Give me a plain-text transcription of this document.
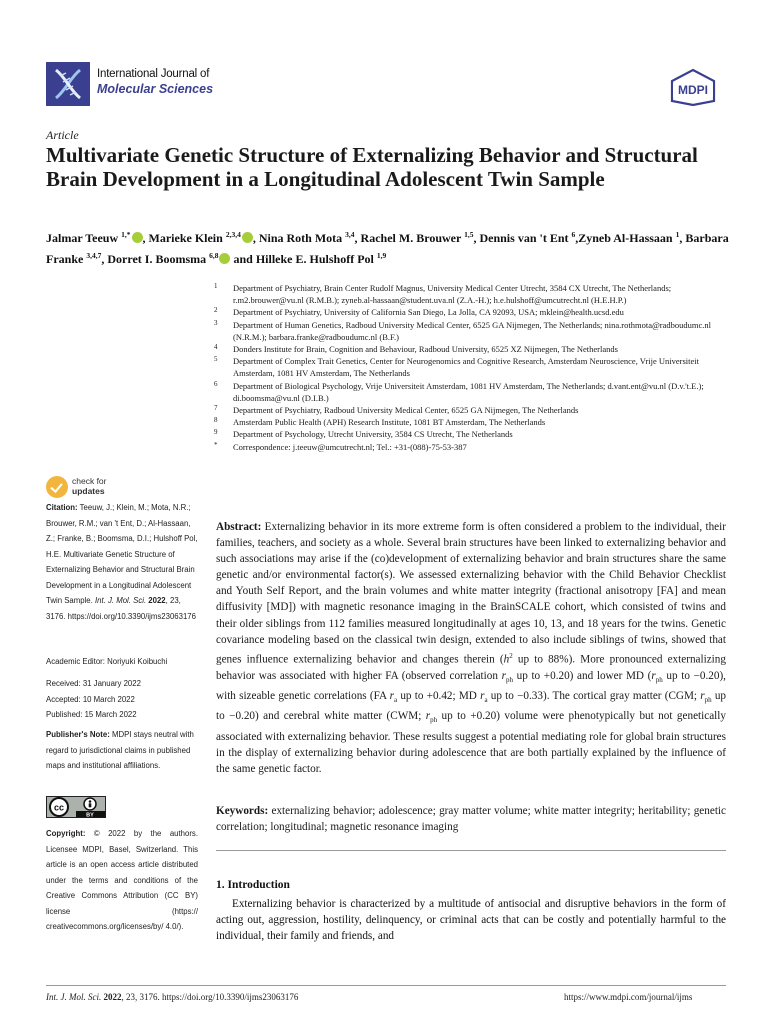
International Journal of
Molecular Sciences	MDPI
Article
Multivariate Genetic Structure of Externalizing Behavior and Structural Brain Development in a Longitudinal Adolescent Twin Sample
Jalmar Teeuw $^{1,*}$ , Marieke Klein $^{2,3,4}$ , Nina Roth Mota $^{3,4}$, Rachel M. Brouwer $^{1,5}$, Dennis van 't Ent $^6$,Zyneb Al-Hassaan $^1$, Barbara Franke $^{3,4,7}$, Dorret I. Boomsma $^{6,8}$ and Hilleke E. Hulshoff Pol $^{1,9}$
1 Department of Psychiatry, Brain Center Rudolf Magnus, University Medical Center Utrecht, 3584 CX Utrecht, The Netherlands; r.m2.brouwer@vu.nl (R.M.B.); zyneb.al-hassaan@student.uva.nl (Z.A.-H.); h.e.hulshoff@umcutrecht.nl (H.E.H.P.)
2 Department of Psychiatry, University of California San Diego, La Jolla, CA 92093, USA; mklein@health.ucsd.edu
3 Department of Human Genetics, Radboud University Medical Center, 6525 GA Nijmegen, The Netherlands; nina.rothmota@radboudumc.nl (N.R.M.); barbara.franke@radboudumc.nl (B.F.)
4 Donders Institute for Brain, Cognition and Behaviour, Radboud University, 6525 XZ Nijmegen, The Netherlands
5 Department of Complex Trait Genetics, Center for Neurogenomics and Cognitive Research, Amsterdam Neuroscience, Vrije Universiteit Amsterdam, 1081 HV Amsterdam, The Netherlands
6 Department of Biological Psychology, Vrije Universiteit Amsterdam, 1081 HV Amsterdam, The Netherlands; d.vant.ent@vu.nl (D.v.'t.E.); di.boomsma@vu.nl (D.I.B.)
7 Department of Psychiatry, Radboud University Medical Center, 6525 GA Nijmegen, The Netherlands
8 Amsterdam Public Health (APH) Research Institute, 1081 BT Amsterdam, The Netherlands
9 Department of Psychology, Utrecht University, 3584 CS Utrecht, The Netherlands
* Correspondence: j.teeuw@umcutrecht.nl; Tel.: +31-(088)-75-53-387
check for
updates
Citation: Teeuw, J.; Klein, M.; Mota, N.R.; Brouwer, R.M.; van 't Ent, D.; Al-Hassaan, Z.; Franke, B.; Boomsma, D.I.; Hulshoff Pol, H.E. Multivariate Genetic Structure of Externalizing Behavior and Structural Brain Development in a Longitudinal Adolescent Twin Sample. Int. J. Mol. Sci. 2022, 23, 3176. https://doi.org/10.3390/ijms23063176
Academic Editor: Noriyuki Koibuchi
Received: 31 January 2022
Accepted: 10 March 2022
Published: 15 March 2022
Publisher's Note: MDPI stays neutral with regard to jurisdictional claims in published maps and institutional affiliations.
cc
BY
Copyright: © 2022 by the authors. Licensee MDPI, Basel, Switzerland. This article is an open access article distributed under the terms and conditions of the Creative Commons Attribution (CC BY) license (https:// creativecommons.org/licenses/by/ 4.0/).
Abstract: Externalizing behavior in its more extreme form is often considered a problem to the individual, their families, teachers, and society as a whole. Several brain structures have been linked to externalizing behavior and such associations may arise if the (co)development of externalizing behavior and brain structures share the same genetic and/or environmental factor(s). We assessed externalizing behavior with the Child Behavior Checklist and Youth Self Report, and the brain volumes and white matter integrity (fractional anisotropy [FA] and mean diffusivity [MD]) with magnetic resonance imaging in the BrainSCALE cohort, which consisted of twins and their older siblings from 112 families measured longitudinally at ages 10, 13, and 18 years for the twins. Genetic covariance modeling based on the classical twin design, extended to also include siblings of twins, showed that genes influence externalizing behavior and changes therein ($h^2$ up to 88%). More pronounced externalizing behavior was associated with higher FA (observed correlation $r_{ph}$ up to +0.20) and lower MD ($r_{ph}$ up to −0.20), with sizeable genetic correlations (FA $r_a$ up to +0.42; MD $r_a$ up to −0.33). The cortical gray matter (CGM; $r_{ph}$ up to −0.20) and cerebral white matter (CWM; $r_{ph}$ up to +0.20) volume were phenotypically but not genetically associated with externalizing behavior. These results suggest a potential mediating role for global brain structures in the display of externalizing behavior during adolescence that are both partially explained by the influence of the same genetic factor.
Keywords: externalizing behavior; adolescence; gray matter volume; white matter integrity; heritability; genetic correlation; longitudinal; magnetic resonance imaging
1. Introduction
Externalizing behavior is characterized by a multitude of antisocial and disruptive behaviors in the form of acting out, aggression, hostility, delinquency, or criminal acts that can be costly and potentially harmful to the individual, their family and friends, and
Int. J. Mol. Sci. 2022, 23, 3176. https://doi.org/10.3390/ijms23063176	https://www.mdpi.com/journal/ijms
